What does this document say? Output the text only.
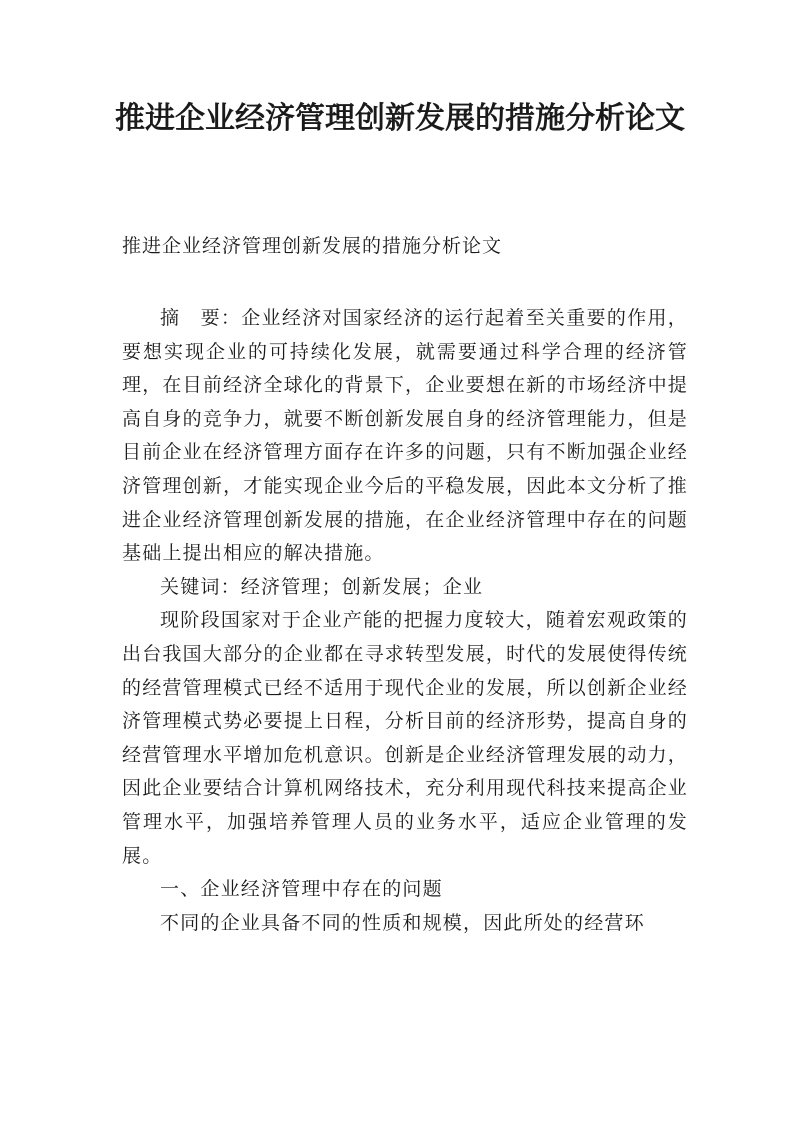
推进企业经济管理创新发展的措施分析论文

推进企业经济管理创新发展的措施分析论文

摘　要：企业经济对国家经济的运行起着至关重要的作用，要想实现企业的可持续化发展，就需要通过科学合理的经济管理，在目前经济全球化的背景下，企业要想在新的市场经济中提高自身的竞争力，就要不断创新发展自身的经济管理能力，但是目前企业在经济管理方面存在许多的问题，只有不断加强企业经济管理创新，才能实现企业今后的平稳发展，因此本文分析了推进企业经济管理创新发展的措施，在企业经济管理中存在的问题基础上提出相应的解决措施。

关键词：经济管理；创新发展；企业

现阶段国家对于企业产能的把握力度较大，随着宏观政策的出台我国大部分的企业都在寻求转型发展，时代的发展使得传统的经营管理模式已经不适用于现代企业的发展，所以创新企业经济管理模式势必要提上日程，分析目前的经济形势，提高自身的经营管理水平增加危机意识。创新是企业经济管理发展的动力，因此企业要结合计算机网络技术，充分利用现代科技来提高企业管理水平，加强培养管理人员的业务水平，适应企业管理的发展。

一、企业经济管理中存在的问题

不同的企业具备不同的性质和规模，因此所处的经营环
